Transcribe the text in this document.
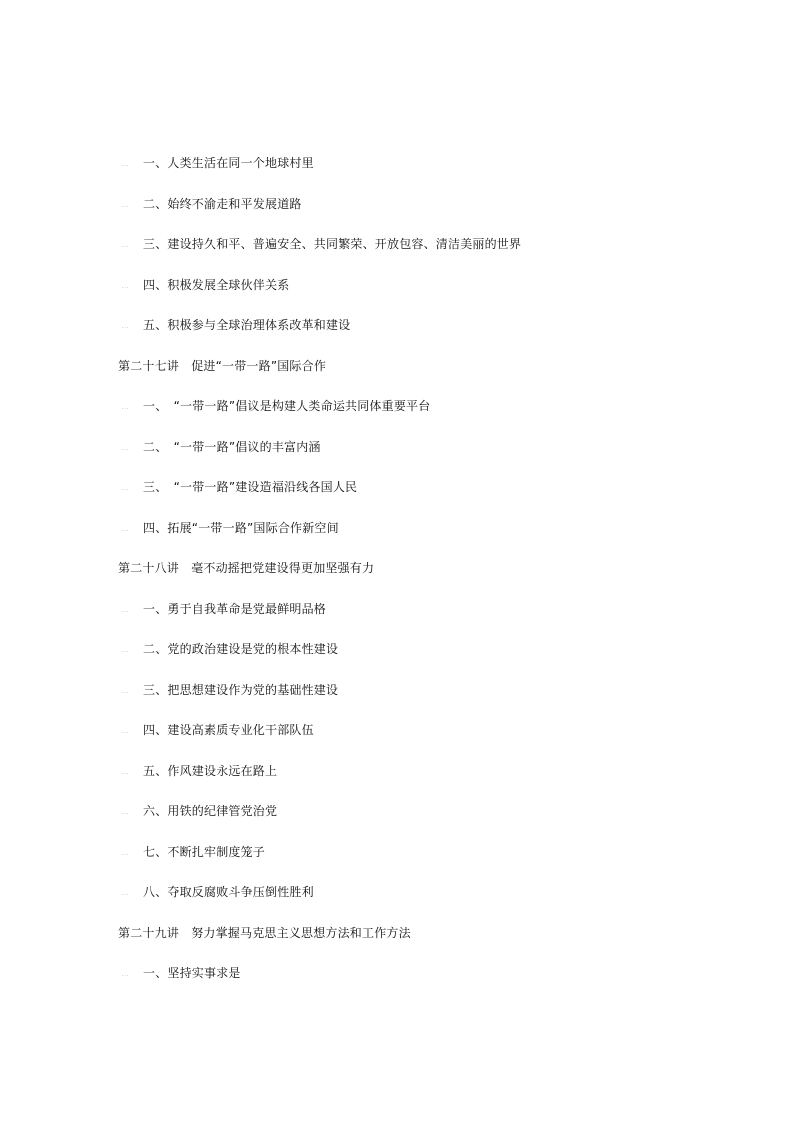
… 一、人类生活在同一个地球村里
… 二、始终不渝走和平发展道路
… 三、建设持久和平、普遍安全、共同繁荣、开放包容、清洁美丽的世界
… 四、积极发展全球伙伴关系
… 五、积极参与全球治理体系改革和建设
第二十七讲　促进“一带一路”国际合作
… 一、　“一带一路”倡议是构建人类命运共同体重要平台
… 二、　“一带一路”倡议的丰富内涵
… 三、　“一带一路”建设造福沿线各国人民
… 四、拓展“一带一路”国际合作新空间
第二十八讲　毫不动摇把党建设得更加坚强有力
… 一、勇于自我革命是党最鲜明品格
… 二、党的政治建设是党的根本性建设
… 三、把思想建设作为党的基础性建设
… 四、建设高素质专业化干部队伍
… 五、作风建设永远在路上
… 六、用铁的纪律管党治党
… 七、不断扎牢制度笼子
… 八、夺取反腐败斗争压倒性胜利
第二十九讲　努力掌握马克思主义思想方法和工作方法
… 一、坚持实事求是
